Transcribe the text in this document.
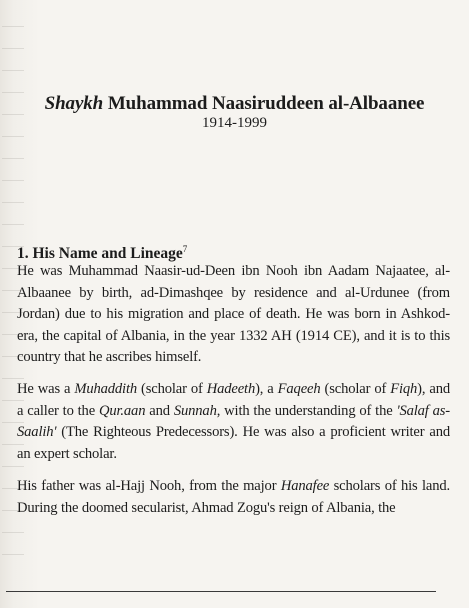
Shaykh Muhammad Naasiruddeen al-Albaanee
1914-1999
1. His Name and Lineage$^7$
He was Muhammad Naasir-ud-Deen ibn Nooh ibn Aadam Najaatee, al-Albaanee by birth, ad-Dimashqee by residence and al-Urdunee (from Jordan) due to his migration and place of death. He was born in Ashkod-era, the capital of Albania, in the year 1332 AH (1914 CE), and it is to this country that he ascribes himself.
He was a Muhaddith (scholar of Hadeeth), a Faqeeh (scholar of Fiqh), and a caller to the Qur.aan and Sunnah, with the understanding of the 'Salaf as-Saalih' (The Righteous Predecessors). He was also a proficient writer and an expert scholar.
His father was al-Hajj Nooh, from the major Hanafee scholars of his land. During the doomed secularist, Ahmad Zogu's reign of Albania, the
